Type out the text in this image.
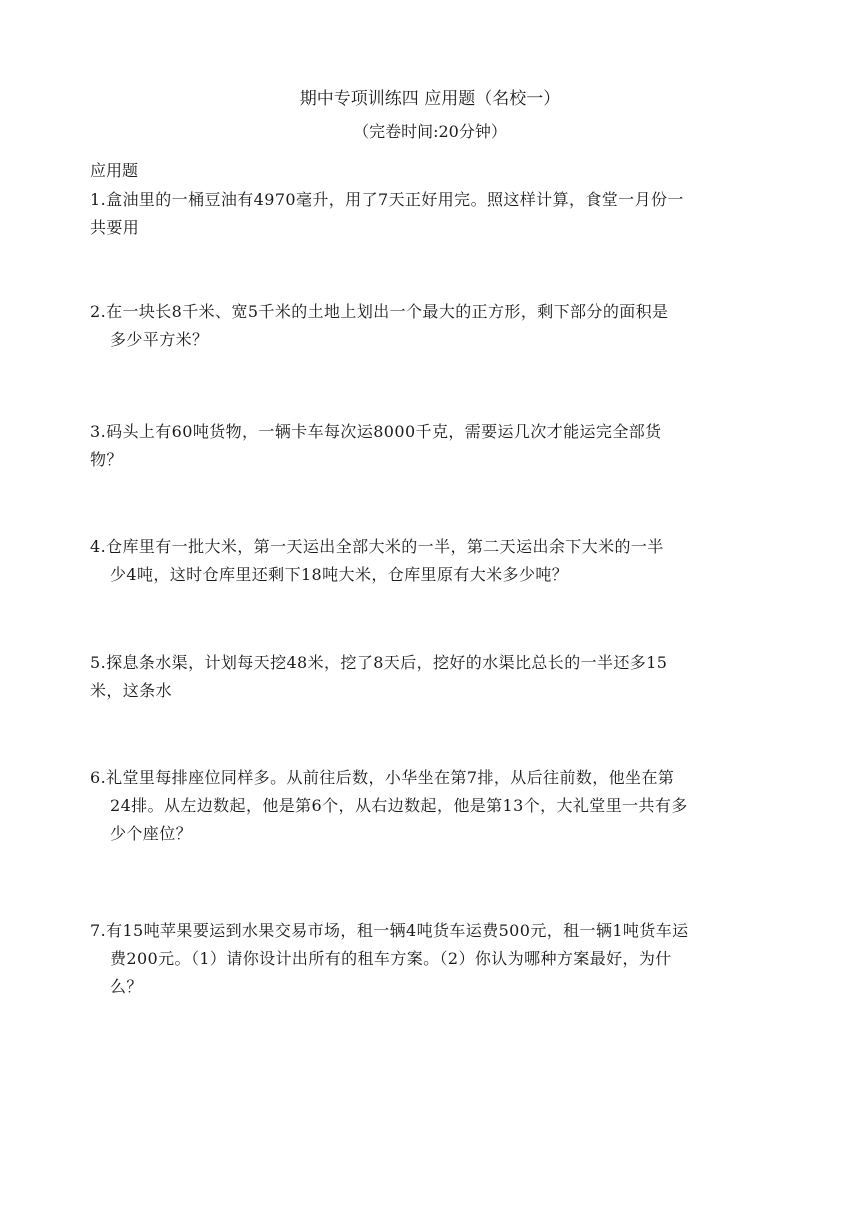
期中专项训练四 应用题（名校一）
（完卷时间:20分钟）
应用题
1.盒油里的一桶豆油有4970毫升，用了7天正好用完。照这样计算，食堂一月份一
共要用
2.在一块长8千米、宽5千米的土地上划出一个最大的正方形，剩下部分的面积是
多少平方米？
3.码头上有60吨货物，一辆卡车每次运8000千克，需要运几次才能运完全部货
物？
4.仓库里有一批大米，第一天运出全部大米的一半，第二天运出余下大米的一半
少4吨，这时仓库里还剩下18吨大米，仓库里原有大米多少吨？
5.探息条水渠，计划每天挖48米，挖了8天后，挖好的水渠比总长的一半还多15
米，这条水
6.礼堂里每排座位同样多。从前往后数，小华坐在第7排，从后往前数，他坐在第
24排。从左边数起，他是第6个，从右边数起，他是第13个，大礼堂里一共有多
少个座位？
7.有15吨苹果要运到水果交易市场，租一辆4吨货车运费500元，租一辆1吨货车运
费200元。（1）请你设计出所有的租车方案。（2）你认为哪种方案最好，为什
么？
